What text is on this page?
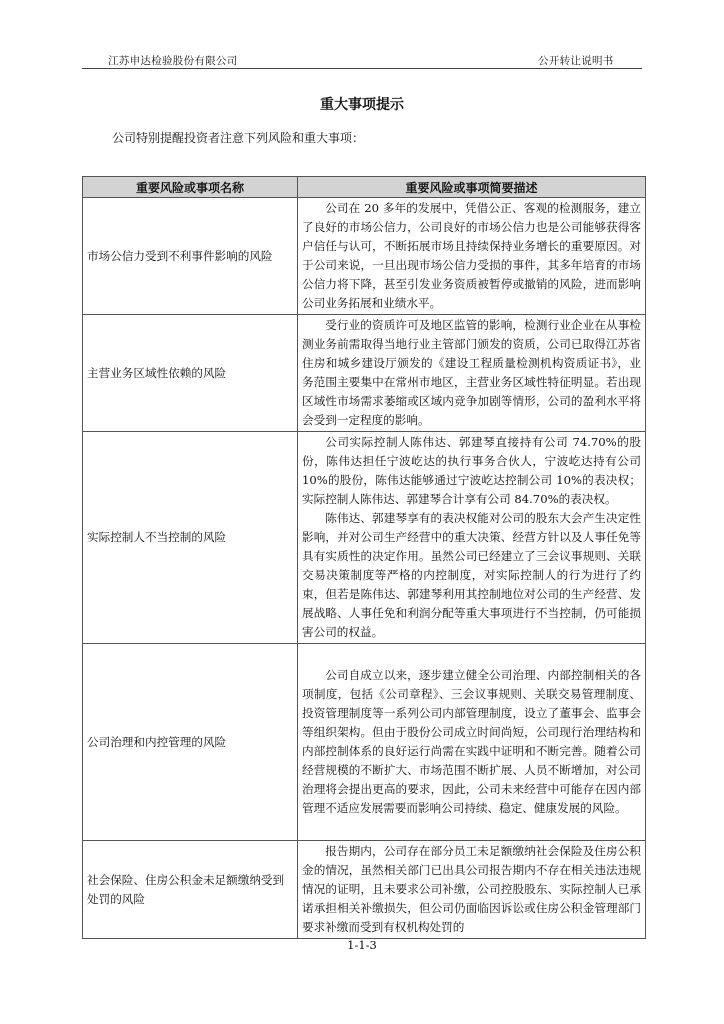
江苏申达检验股份有限公司	公开转让说明书
重大事项提示
公司特别提醒投资者注意下列风险和重大事项：
重要风险或事项名称	重要风险或事项简要描述
市场公信力受到不利事件影响的风险	公司在 20 多年的发展中，凭借公正、客观的检测服务，建立了良好的市场公信力，公司良好的市场公信力也是公司能够获得客户信任与认可，不断拓展市场且持续保持业务增长的重要原因。对于公司来说，一旦出现市场公信力受损的事件，其多年培育的市场公信力将下降，甚至引发业务资质被暂停或撤销的风险，进而影响公司业务拓展和业绩水平。

主营业务区域性依赖的风险	受行业的资质许可及地区监管的影响，检测行业企业在从事检测业务前需取得当地行业主管部门颁发的资质，公司已取得江苏省住房和城乡建设厅颁发的《建设工程质量检测机构资质证书》，业务范围主要集中在常州市地区，主营业务区域性特征明显。若出现区域性市场需求萎缩或区域内竞争加剧等情形，公司的盈利水平将会受到一定程度的影响。

实际控制人不当控制的风险	公司实际控制人陈伟达、郭建琴直接持有公司 74.70%的股份，陈伟达担任宁波屹达的执行事务合伙人，宁波屹达持有公司 10%的股份，陈伟达能够通过宁波屹达控制公司 10%的表决权；实际控制人陈伟达、郭建琴合计享有公司 84.70%的表决权。

陈伟达、郭建琴享有的表决权能对公司的股东大会产生决定性影响，并对公司生产经营中的重大决策、经营方针以及人事任免等具有实质性的决定作用。虽然公司已经建立了三会议事规则、关联交易决策制度等严格的内控制度，对实际控制人的行为进行了约束，但若是陈伟达、郭建琴利用其控制地位对公司的生产经营、发展战略、人事任免和利润分配等重大事项进行不当控制，仍可能损害公司的权益。

公司治理和内控管理的风险	公司自成立以来，逐步建立健全公司治理、内部控制相关的各项制度，包括《公司章程》、三会议事规则、关联交易管理制度、投资管理制度等一系列公司内部管理制度，设立了董事会、监事会等组织架构。但由于股份公司成立时间尚短，公司现行治理结构和内部控制体系的良好运行尚需在实践中证明和不断完善。随着公司经营规模的不断扩大、市场范围不断扩展、人员不断增加，对公司治理将会提出更高的要求，因此，公司未来经营中可能存在因内部管理不适应发展需要而影响公司持续、稳定、健康发展的风险。

社会保险、住房公积金未足额缴纳受到处罚的风险	报告期内，公司存在部分员工未足额缴纳社会保险及住房公积金的情况，虽然相关部门已出具公司报告期内不存在相关违法违规情况的证明，且未要求公司补缴，公司控股股东、实际控制人已承诺承担相关补缴损失，但公司仍面临因诉讼或住房公积金管理部门要求补缴而受到有权机构处罚的

1-1-3
